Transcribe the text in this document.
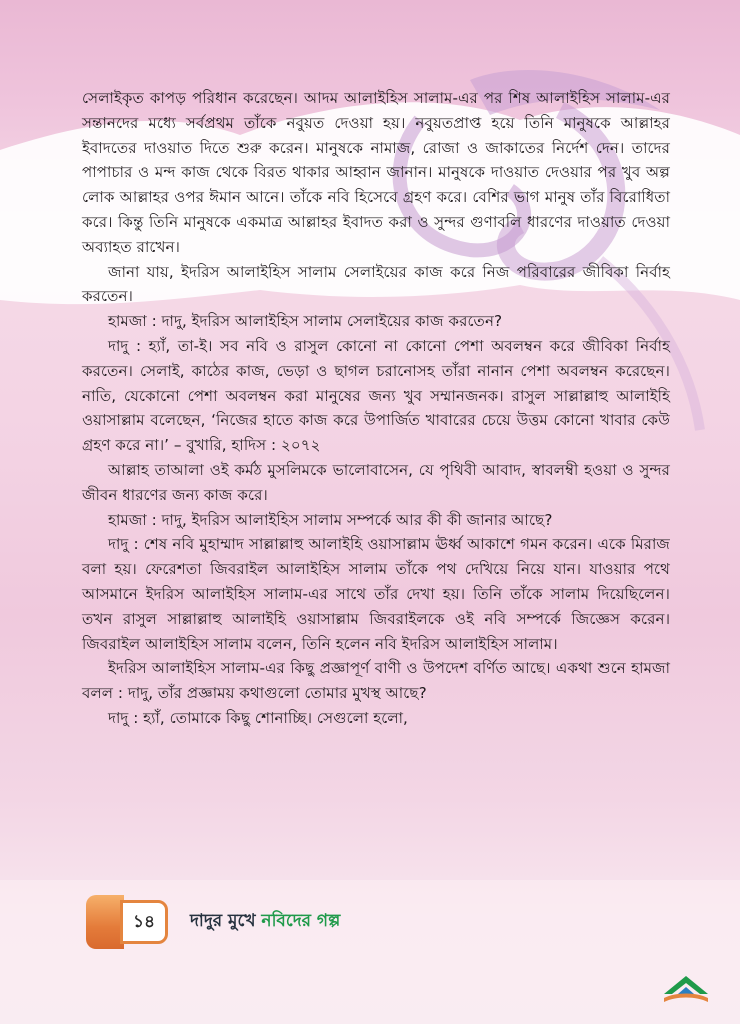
সেলাইকৃত কাপড় পরিধান করেছেন। আদম আলাইহিস সালাম-এর পর শিষ আলাইহিস সালাম-এর সন্তানদের মধ্যে সর্বপ্রথম তাঁকে নবুয়ত দেওয়া হয়। নবুয়তপ্রাপ্ত হয়ে তিনি মানুষকে আল্লাহর ইবাদতের দাওয়াত দিতে শুরু করেন। মানুষকে নামাজ, রোজা ও জাকাতের নির্দেশ দেন। তাদের পাপাচার ও মন্দ কাজ থেকে বিরত থাকার আহ্বান জানান। মানুষকে দাওয়াত দেওয়ার পর খুব অল্প লোক আল্লাহর ওপর ঈমান আনে। তাঁকে নবি হিসেবে গ্রহণ করে। বেশির ভাগ মানুষ তাঁর বিরোধিতা করে। কিন্তু তিনি মানুষকে একমাত্র আল্লাহর ইবাদত করা ও সুন্দর গুণাবলি ধারণের দাওয়াত দেওয়া অব্যাহত রাখেন।

জানা যায়, ইদরিস আলাইহিস সালাম সেলাইয়ের কাজ করে নিজ পরিবারের জীবিকা নির্বাহ করতেন।

হামজা : দাদু, ইদরিস আলাইহিস সালাম সেলাইয়ের কাজ করতেন?

দাদু : হ্যাঁ, তা-ই। সব নবি ও রাসুল কোনো না কোনো পেশা অবলম্বন করে জীবিকা নির্বাহ করতেন। সেলাই, কাঠের কাজ, ভেড়া ও ছাগল চরানোসহ তাঁরা নানান পেশা অবলম্বন করেছেন। নাতি, যেকোনো পেশা অবলম্বন করা মানুষের জন্য খুব সম্মানজনক। রাসুল সাল্লাল্লাহু আলাইহি ওয়াসাল্লাম বলেছেন, ‘নিজের হাতে কাজ করে উপার্জিত খাবারের চেয়ে উত্তম কোনো খাবার কেউ গ্রহণ করে না।’ – বুখারি, হাদিস : ২০৭২

আল্লাহ তাআলা ওই কর্মঠ মুসলিমকে ভালোবাসেন, যে পৃথিবী আবাদ, স্বাবলম্বী হওয়া ও সুন্দর জীবন ধারণের জন্য কাজ করে।

হামজা : দাদু, ইদরিস আলাইহিস সালাম সম্পর্কে আর কী কী জানার আছে?

দাদু : শেষ নবি মুহাম্মাদ সাল্লাল্লাহু আলাইহি ওয়াসাল্লাম ঊর্ধ্ব আকাশে গমন করেন। একে মিরাজ বলা হয়। ফেরেশতা জিবরাইল আলাইহিস সালাম তাঁকে পথ দেখিয়ে নিয়ে যান। যাওয়ার পথে আসমানে ইদরিস আলাইহিস সালাম-এর সাথে তাঁর দেখা হয়। তিনি তাঁকে সালাম দিয়েছিলেন। তখন রাসুল সাল্লাল্লাহু আলাইহি ওয়াসাল্লাম জিবরাইলকে ওই নবি সম্পর্কে জিজ্ঞেস করেন। জিবরাইল আলাইহিস সালাম বলেন, তিনি হলেন নবি ইদরিস আলাইহিস সালাম।

ইদরিস আলাইহিস সালাম-এর কিছু প্রজ্ঞাপূর্ণ বাণী ও উপদেশ বর্ণিত আছে। একথা শুনে হামজা বলল : দাদু, তাঁর প্রজ্ঞাময় কথাগুলো তোমার মুখস্থ আছে?

দাদু : হ্যাঁ, তোমাকে কিছু শোনাচ্ছি। সেগুলো হলো,

১৪	দাদুর মুখে নবিদের গল্প
